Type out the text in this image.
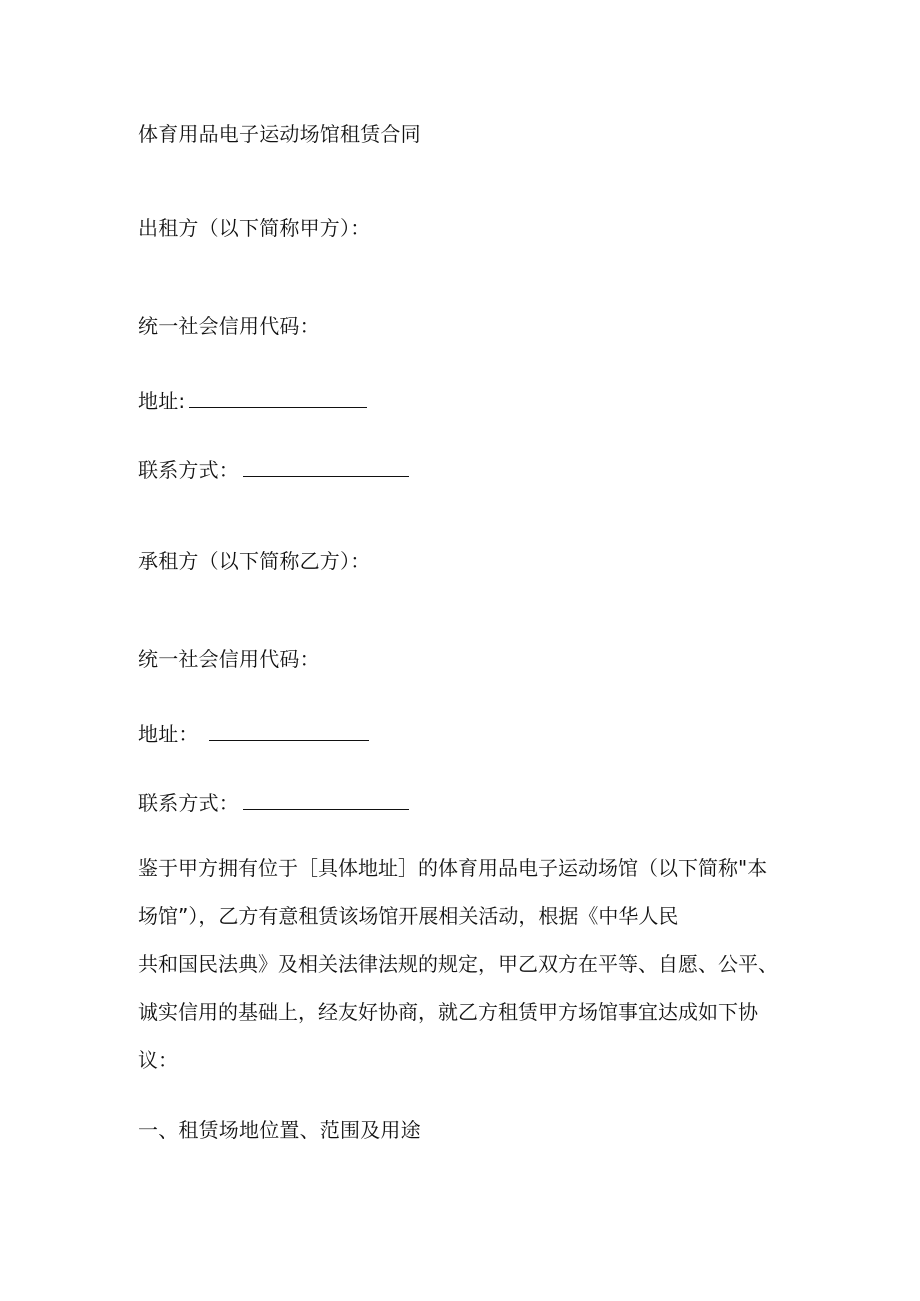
体育用品电子运动场馆租赁合同
出租方（以下简称甲方）：
统一社会信用代码：
地址:
联系方式：
承租方（以下简称乙方）：
统一社会信用代码：
地址：
联系方式：
鉴于甲方拥有位于［具体地址］的体育用品电子运动场馆（以下简称"本
场馆”），乙方有意租赁该场馆开展相关活动，根据《中华人民
共和国民法典》及相关法律法规的规定，甲乙双方在平等、自愿、公平、
诚实信用的基础上，经友好协商，就乙方租赁甲方场馆事宜达成如下协
议：
一、租赁场地位置、范围及用途
